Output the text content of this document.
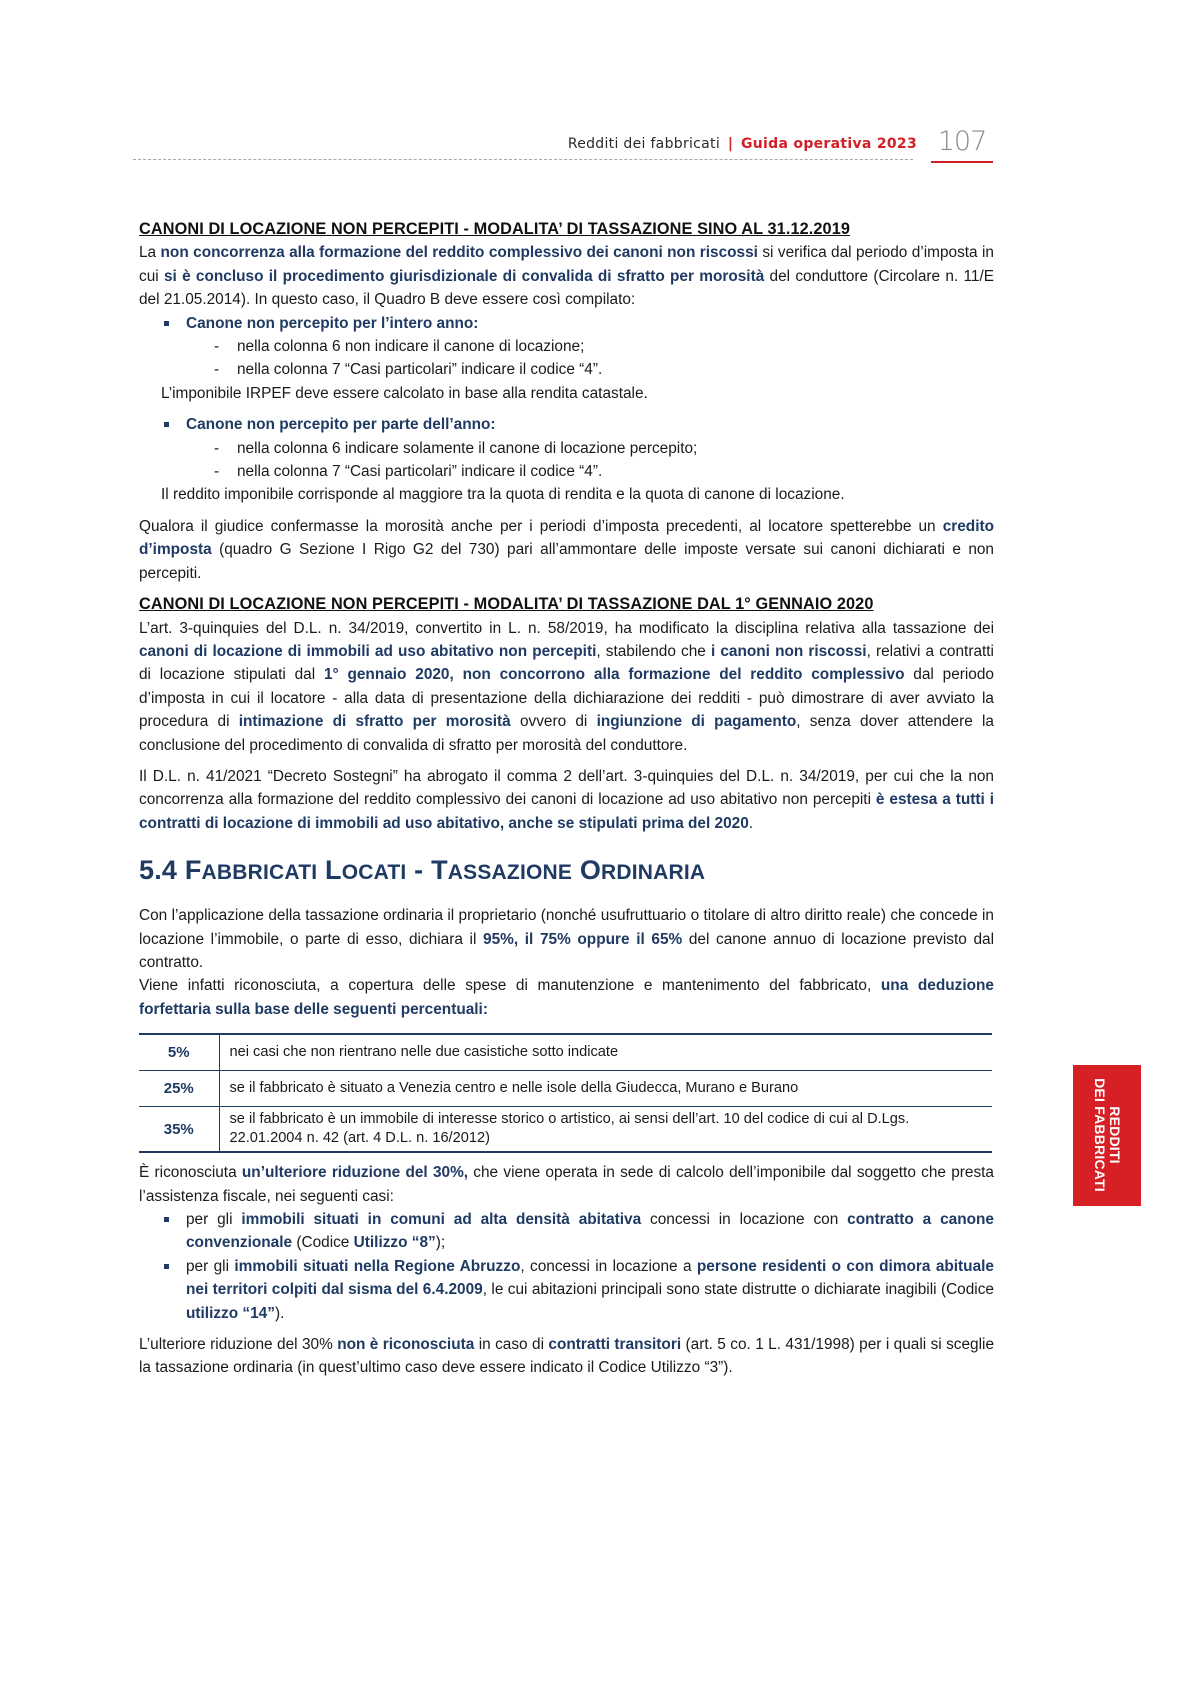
Redditi dei fabbricati | Guida operativa 2023 107
CANONI DI LOCAZIONE NON PERCEPITI - MODALITA’ DI TASSAZIONE SINO AL 31.12.2019

La non concorrenza alla formazione del reddito complessivo dei canoni non riscossi si verifica dal periodo d’imposta in cui si è concluso il procedimento giurisdizionale di convalida di sfratto per morosità del conduttore (Circolare n. 11/E del 21.05.2014). In questo caso, il Quadro B deve essere così compilato:

Canone non percepito per l’intero anno:
- nella colonna 6 non indicare il canone di locazione;
- nella colonna 7 “Casi particolari” indicare il codice “4”.
L’imponibile IRPEF deve essere calcolato in base alla rendita catastale.
Canone non percepito per parte dell’anno:
- nella colonna 6 indicare solamente il canone di locazione percepito;
- nella colonna 7 “Casi particolari” indicare il codice “4”.
Il reddito imponibile corrisponde al maggiore tra la quota di rendita e la quota di canone di locazione.

Qualora il giudice confermasse la morosità anche per i periodi d’imposta precedenti, al locatore spetterebbe un credito d’imposta (quadro G Sezione I Rigo G2 del 730) pari all’ammontare delle imposte versate sui canoni dichiarati e non percepiti.

CANONI DI LOCAZIONE NON PERCEPITI - MODALITA’ DI TASSAZIONE DAL 1° GENNAIO 2020

L’art. 3-quinquies del D.L. n. 34/2019, convertito in L. n. 58/2019, ha modificato la disciplina relativa alla tassazione dei canoni di locazione di immobili ad uso abitativo non percepiti, stabilendo che i canoni non riscossi, relativi a contratti di locazione stipulati dal 1° gennaio 2020, non concorrono alla formazione del reddito complessivo dal periodo d’imposta in cui il locatore - alla data di presentazione della dichiarazione dei redditi - può dimostrare di aver avviato la procedura di intimazione di sfratto per morosità ovvero di ingiunzione di pagamento, senza dover attendere la conclusione del procedimento di convalida di sfratto per morosità del conduttore.

Il D.L. n. 41/2021 “Decreto Sostegni” ha abrogato il comma 2 dell’art. 3-quinquies del D.L. n. 34/2019, per cui che la non concorrenza alla formazione del reddito complessivo dei canoni di locazione ad uso abitativo non percepiti è estesa a tutti i contratti di locazione di immobili ad uso abitativo, anche se stipulati prima del 2020.

5.4 FABBRICATI LOCATI - TASSAZIONE ORDINARIA

Con l’applicazione della tassazione ordinaria il proprietario (nonché usufruttuario o titolare di altro diritto reale) che concede in locazione l’immobile, o parte di esso, dichiara il 95%, il 75% oppure il 65% del canone annuo di locazione previsto dal contratto.

Viene infatti riconosciuta, a copertura delle spese di manutenzione e mantenimento del fabbricato, una deduzione forfettaria sulla base delle seguenti percentuali:

5%	nei casi che non rientrano nelle due casistiche sotto indicate
25%	se il fabbricato è situato a Venezia centro e nelle isole della Giudecca, Murano e Burano
35%	se il fabbricato è un immobile di interesse storico o artistico, ai sensi dell’art. 10 del codice di cui al D.Lgs. 22.01.2004 n. 42 (art. 4 D.L. n. 16/2012)

È riconosciuta un’ulteriore riduzione del 30%, che viene operata in sede di calcolo dell’imponibile dal soggetto che presta l’assistenza fiscale, nei seguenti casi:

per gli immobili situati in comuni ad alta densità abitativa concessi in locazione con contratto a canone convenzionale (Codice Utilizzo “8”);
per gli immobili situati nella Regione Abruzzo, concessi in locazione a persone residenti o con dimora abituale nei territori colpiti dal sisma del 6.4.2009, le cui abitazioni principali sono state distrutte o dichiarate inagibili (Codice utilizzo “14”).

L’ulteriore riduzione del 30% non è riconosciuta in caso di contratti transitori (art. 5 co. 1 L. 431/1998) per i quali si sceglie la tassazione ordinaria (in quest’ultimo caso deve essere indicato il Codice Utilizzo “3”).

REDDITI
DEI FABBRICATI
